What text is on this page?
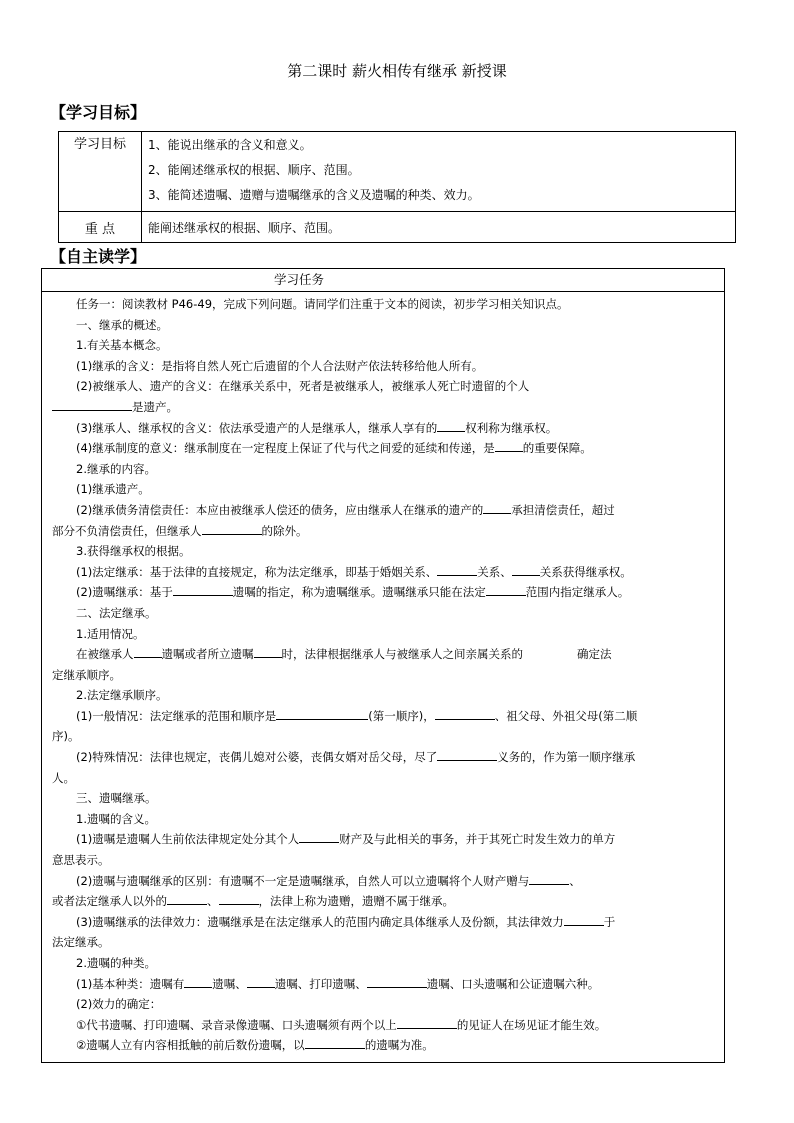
第二课时 薪火相传有继承 新授课
【学习目标】
学习目标	1、能说出继承的含义和意义。
2、能阐述继承权的根据、顺序、范围。
3、能简述遗嘱、遗赠与遗嘱继承的含义及遗嘱的种类、效力。

重 点	能阐述继承权的根据、顺序、范围。
【自主读学】
学习任务
任务一：阅读教材 P46-49，完成下列问题。请同学们注重于文本的阅读，初步学习相关知识点。
一、继承的概述。
1.有关基本概念。
(1)继承的含义：是指将自然人死亡后遗留的个人合法财产依法转移给他人所有。
(2)被继承人、遗产的含义：在继承关系中，死者是被继承人，被继承人死亡时遗留的个人
是遗产。
(3)继承人、继承权的含义：依法承受遗产的人是继承人，继承人享有的 权利称为继承权。
(4)继承制度的意义：继承制度在一定程度上保证了代与代之间爱的延续和传递，是 的重要保障。
2.继承的内容。
(1)继承遗产。
(2)继承债务清偿责任：本应由被继承人偿还的债务，应由继承人在继承的遗产的 承担清偿责任，超过
部分不负清偿责任，但继承人	的除外。
3.获得继承权的根据。
(1)法定继承：基于法律的直接规定，称为法定继承，即基于婚姻关系、	关系、 关系获得继承权。
(2)遗嘱继承：基于	遗嘱的指定，称为遗嘱继承。遗嘱继承只能在法定	范围内指定继承人。
二、法定继承。
1.适用情况。
在被继承人 遗嘱或者所立遗嘱 时，法律根据继承人与被继承人之间亲属关系的	确定法
定继承顺序。
2.法定继承顺序。
(1)一般情况：法定继承的范围和顺序是	(第一顺序)，	、祖父母、外祖父母(第二顺
序)。
(2)特殊情况：法律也规定，丧偶儿媳对公婆，丧偶女婿对岳父母，尽了	义务的，作为第一顺序继承
人。
三、遗嘱继承。
1.遗嘱的含义。
(1)遗嘱是遗嘱人生前依法律规定处分其个人	财产及与此相关的事务，并于其死亡时发生效力的单方
意思表示。
(2)遗嘱与遗嘱继承的区别：有遗嘱不一定是遗嘱继承，自然人可以立遗嘱将个人财产赠与	、
或者法定继承人以外的	、	，法律上称为遗赠，遗赠不属于继承。
(3)遗嘱继承的法律效力：遗嘱继承是在法定继承人的范围内确定具体继承人及份额，其法律效力	于
法定继承。
2.遗嘱的种类。
(1)基本种类：遗嘱有 遗嘱、 遗嘱、打印遗嘱、	遗嘱、口头遗嘱和公证遗嘱六种。
(2)效力的确定：
①代书遗嘱、打印遗嘱、录音录像遗嘱、口头遗嘱须有两个以上	的见证人在场见证才能生效。
②遗嘱人立有内容相抵触的前后数份遗嘱，以	的遗嘱为准。
